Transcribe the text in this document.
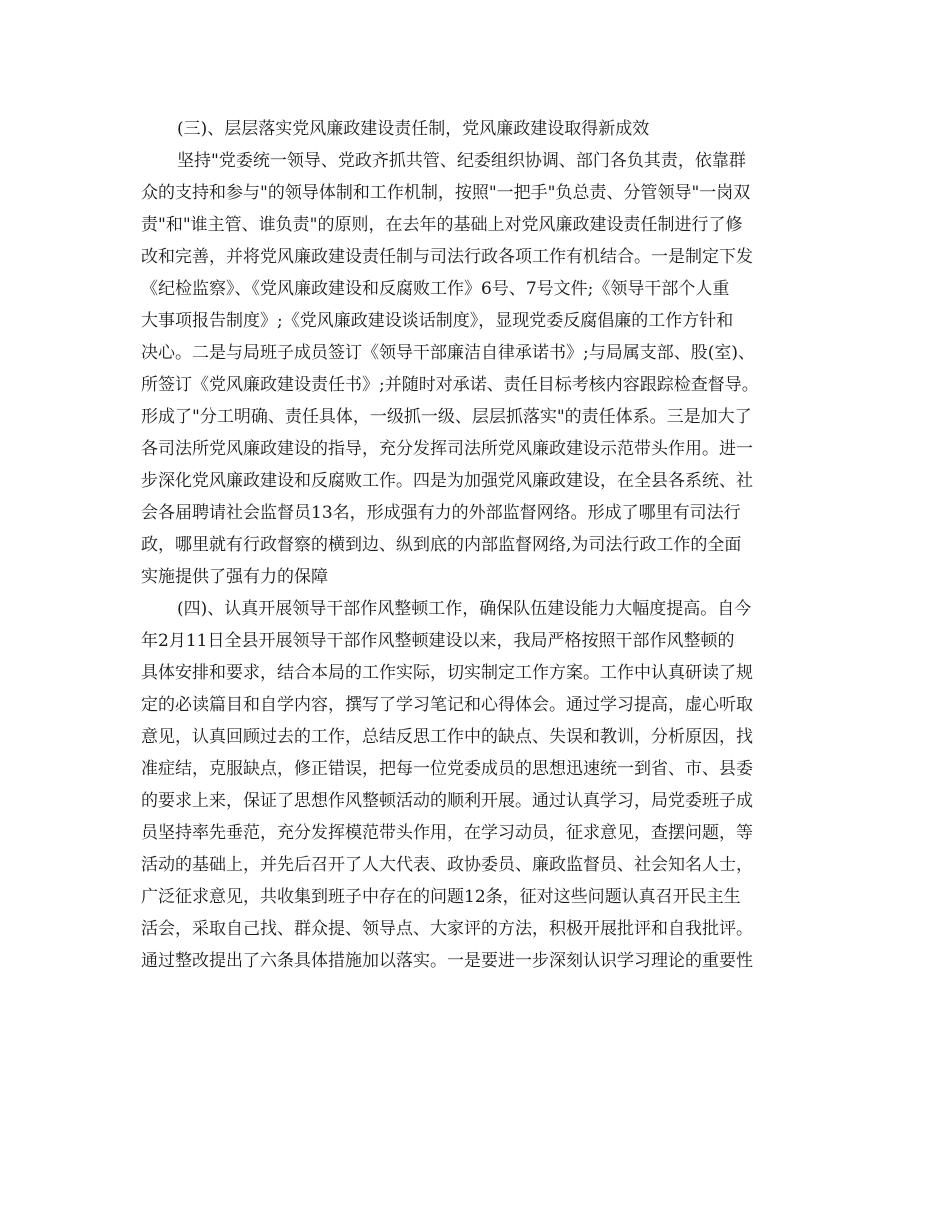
(三)、层层落实党风廉政建设责任制，党风廉政建设取得新成效
坚持"党委统一领导、党政齐抓共管、纪委组织协调、部门各负其责，依靠群
众的支持和参与"的领导体制和工作机制，按照"一把手"负总责、分管领导"一岗双
责"和"谁主管、谁负责"的原则，在去年的基础上对党风廉政建设责任制进行了修
改和完善，并将党风廉政建设责任制与司法行政各项工作有机结合。一是制定下发
《纪检监察》、《党风廉政建设和反腐败工作》6号、7号文件;《领导干部个人重
大事项报告制度》;《党风廉政建设谈话制度》，显现党委反腐倡廉的工作方针和
决心。二是与局班子成员签订《领导干部廉洁自律承诺书》;与局属支部、股(室)、
所签订《党风廉政建设责任书》;并随时对承诺、责任目标考核内容跟踪检查督导。
形成了"分工明确、责任具体，一级抓一级、层层抓落实"的责任体系。三是加大了
各司法所党风廉政建设的指导，充分发挥司法所党风廉政建设示范带头作用。进一
步深化党风廉政建设和反腐败工作。四是为加强党风廉政建设，在全县各系统、社
会各届聘请社会监督员13名，形成强有力的外部监督网络。形成了哪里有司法行
政，哪里就有行政督察的横到边、纵到底的内部监督网络,为司法行政工作的全面
实施提供了强有力的保障
(四)、认真开展领导干部作风整顿工作，确保队伍建设能力大幅度提高。自今
年2月11日全县开展领导干部作风整顿建设以来，我局严格按照干部作风整顿的
具体安排和要求，结合本局的工作实际，切实制定工作方案。工作中认真研读了规
定的必读篇目和自学内容，撰写了学习笔记和心得体会。通过学习提高，虚心听取
意见，认真回顾过去的工作，总结反思工作中的缺点、失误和教训，分析原因，找
准症结，克服缺点，修正错误，把每一位党委成员的思想迅速统一到省、市、县委
的要求上来，保证了思想作风整顿活动的顺利开展。通过认真学习，局党委班子成
员坚持率先垂范，充分发挥模范带头作用，在学习动员，征求意见，查摆问题，等
活动的基础上，并先后召开了人大代表、政协委员、廉政监督员、社会知名人士，
广泛征求意见，共收集到班子中存在的问题12条，征对这些问题认真召开民主生
活会，采取自己找、群众提、领导点、大家评的方法，积极开展批评和自我批评。
通过整改提出了六条具体措施加以落实。一是要进一步深刻认识学习理论的重要性
